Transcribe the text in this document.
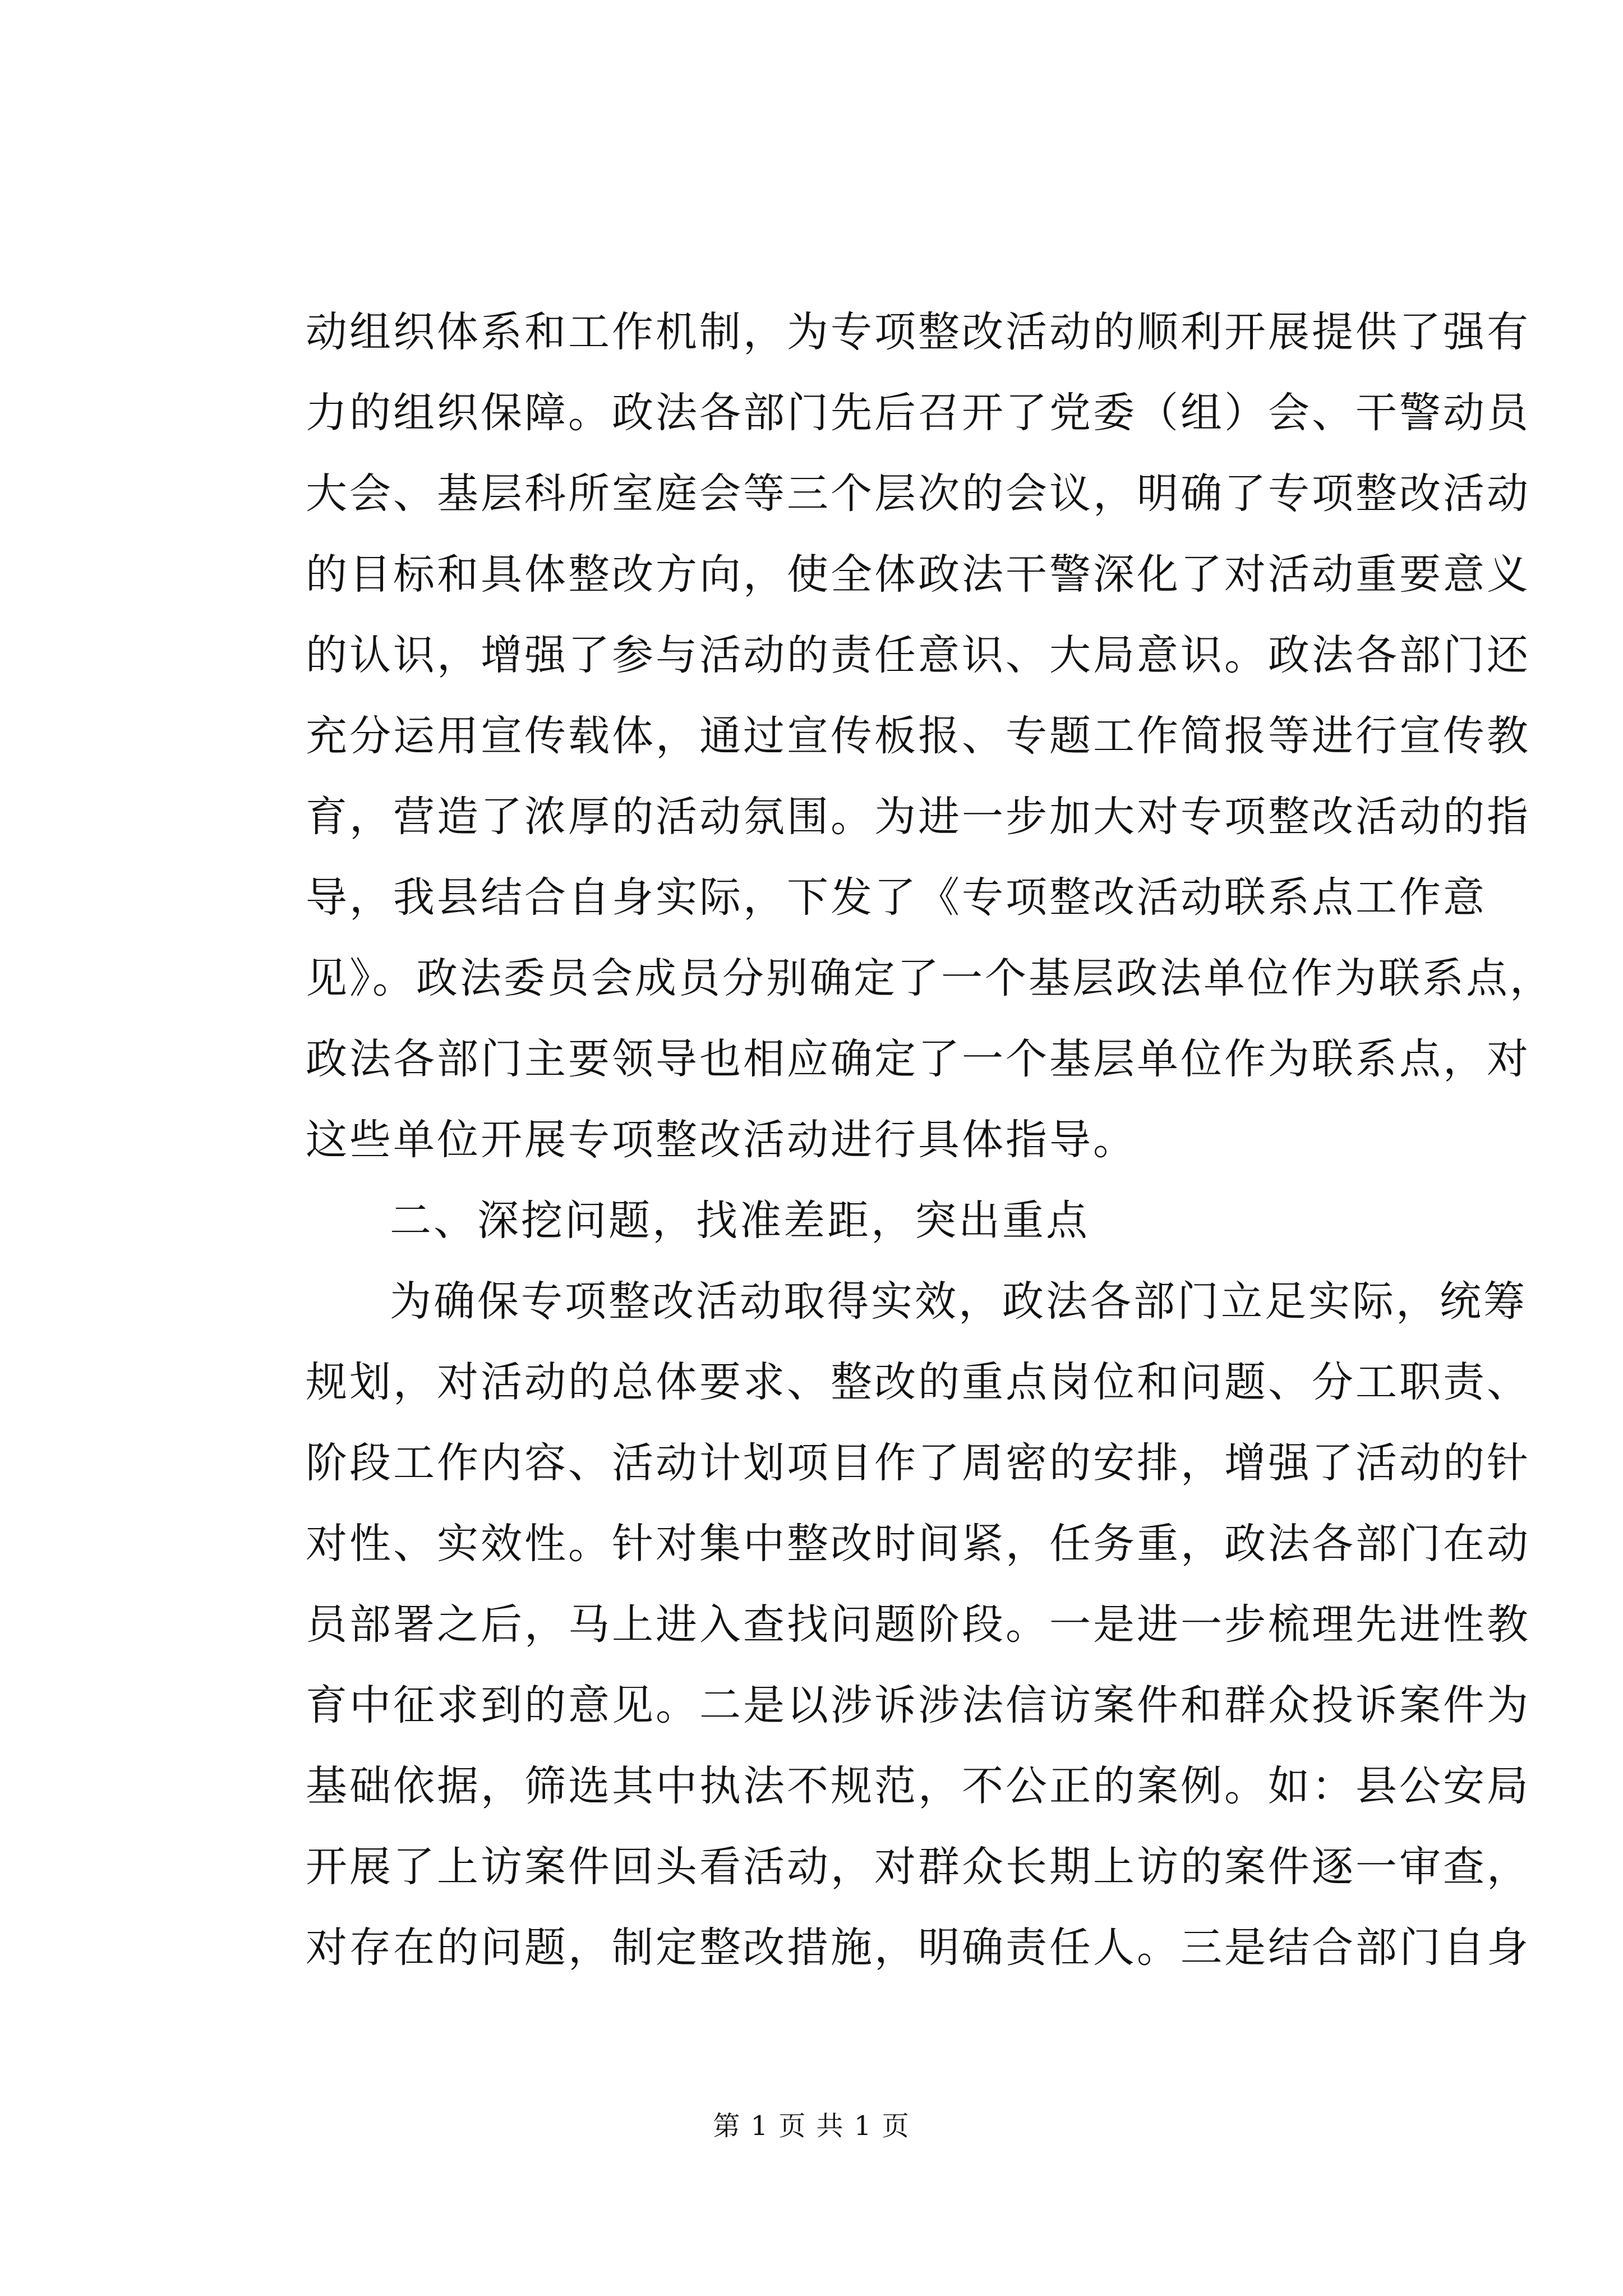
动组织体系和工作机制，为专项整改活动的顺利开展提供了强有
力的组织保障。政法各部门先后召开了党委（组）会、干警动员
大会、基层科所室庭会等三个层次的会议，明确了专项整改活动
的目标和具体整改方向，使全体政法干警深化了对活动重要意义
的认识，增强了参与活动的责任意识、大局意识。政法各部门还
充分运用宣传载体，通过宣传板报、专题工作简报等进行宣传教
育，营造了浓厚的活动氛围。为进一步加大对专项整改活动的指
导，我县结合自身实际，下发了《专项整改活动联系点工作意
见》。政法委员会成员分别确定了一个基层政法单位作为联系点，
政法各部门主要领导也相应确定了一个基层单位作为联系点，对
这些单位开展专项整改活动进行具体指导。
二、深挖问题，找准差距，突出重点
为确保专项整改活动取得实效，政法各部门立足实际，统筹
规划，对活动的总体要求、整改的重点岗位和问题、分工职责、
阶段工作内容、活动计划项目作了周密的安排，增强了活动的针
对性、实效性。针对集中整改时间紧，任务重，政法各部门在动
员部署之后，马上进入查找问题阶段。一是进一步梳理先进性教
育中征求到的意见。二是以涉诉涉法信访案件和群众投诉案件为
基础依据，筛选其中执法不规范，不公正的案例。如：县公安局
开展了上访案件回头看活动，对群众长期上访的案件逐一审查，
对存在的问题，制定整改措施，明确责任人。三是结合部门自身
第 1 页 共 1 页
